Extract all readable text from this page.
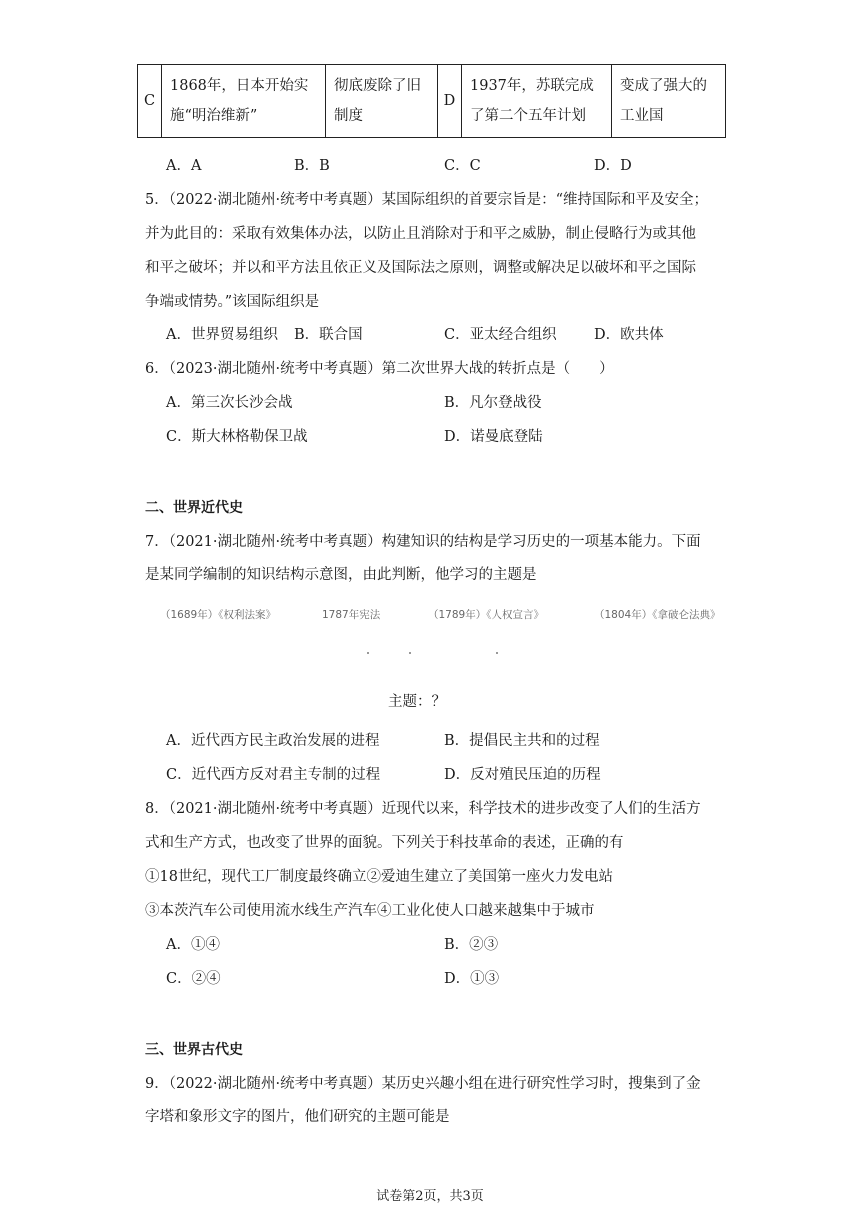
C	1868年，日本开始实施“明治维新”	彻底废除了旧制度	D	1937年，苏联完成了第二个五年计划	变成了强大的工业国
A．A	B．B	C．C	D．D
5．（2022·湖北随州·统考中考真题）某国际组织的首要宗旨是：“维持国际和平及安全；
并为此目的：采取有效集体办法，以防止且消除对于和平之威胁，制止侵略行为或其他
和平之破坏；并以和平方法且依正义及国际法之原则，调整或解决足以破坏和平之国际
争端或情势。”该国际组织是
A．世界贸易组织 B．联合国	C．亚太经合组织	D．欧共体
6．（2023·湖北随州·统考中考真题）第二次世界大战的转折点是（　　）
A．第三次长沙会战	B．凡尔登战役
C．斯大林格勒保卫战	D．诺曼底登陆
二、世界近代史
7．（2021·湖北随州·统考中考真题）构建知识的结构是学习历史的一项基本能力。下面
是某同学编制的知识结构示意图，由此判断，他学习的主题是
（1689年）《权利法案》	1787年宪法	（1789年）《人权宣言》	（1804年）《拿破仑法典》
主题：？
A．近代西方民主政治发展的进程	B．提倡民主共和的过程
C．近代西方反对君主专制的过程	D．反对殖民压迫的历程
8．（2021·湖北随州·统考中考真题）近现代以来，科学技术的进步改变了人们的生活方
式和生产方式，也改变了世界的面貌。下列关于科技革命的表述，正确的有
①18世纪，现代工厂制度最终确立②爱迪生建立了美国第一座火力发电站
③本茨汽车公司使用流水线生产汽车④工业化使人口越来越集中于城市
A．①④	B．②③
C．②④	D．①③
三、世界古代史
9．（2022·湖北随州·统考中考真题）某历史兴趣小组在进行研究性学习时，搜集到了金
字塔和象形文字的图片，他们研究的主题可能是
试卷第2页，共3页
